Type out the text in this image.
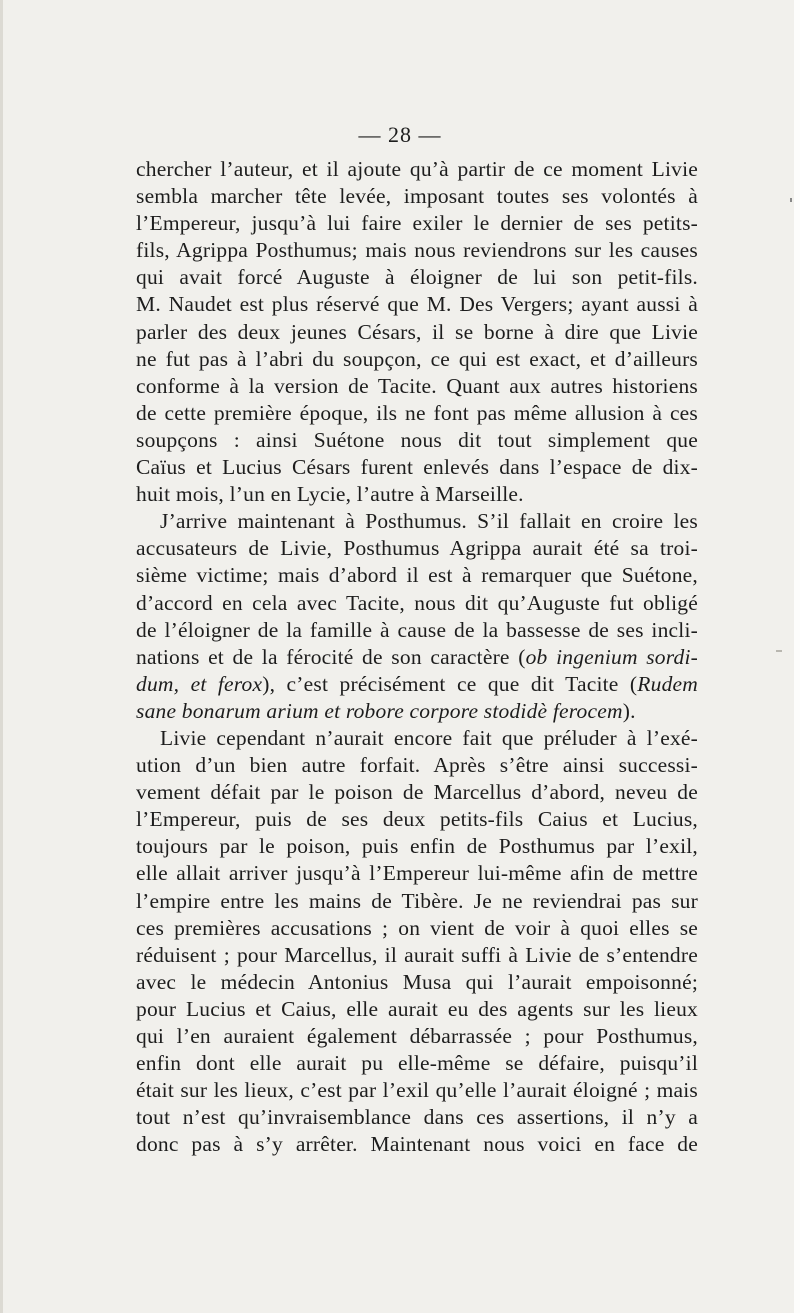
— 28 —
chercher l’auteur, et il ajoute qu’à partir de ce moment Livie
sembla marcher tête levée, imposant toutes ses volontés à
l’Empereur, jusqu’à lui faire exiler le dernier de ses petits-
fils, Agrippa Posthumus; mais nous reviendrons sur les causes
qui avait forcé Auguste à éloigner de lui son petit-fils.
M. Naudet est plus réservé que M. Des Vergers; ayant aussi à
parler des deux jeunes Césars, il se borne à dire que Livie
ne fut pas à l’abri du soupçon, ce qui est exact, et d’ailleurs
conforme à la version de Tacite. Quant aux autres historiens
de cette première époque, ils ne font pas même allusion à ces
soupçons : ainsi Suétone nous dit tout simplement que
Caïus et Lucius Césars furent enlevés dans l’espace de dix-
huit mois, l’un en Lycie, l’autre à Marseille.
J’arrive maintenant à Posthumus. S’il fallait en croire les
accusateurs de Livie, Posthumus Agrippa aurait été sa troi-
sième victime; mais d’abord il est à remarquer que Suétone,
d’accord en cela avec Tacite, nous dit qu’Auguste fut obligé
de l’éloigner de la famille à cause de la bassesse de ses incli-
nations et de la férocité de son caractère (ob ingenium sordi-
dum, et ferox), c’est précisément ce que dit Tacite (Rudem
sane bonarum arium et robore corpore stodidè ferocem).
Livie cependant n’aurait encore fait que préluder à l’exé-
ution d’un bien autre forfait. Après s’être ainsi successi-
vement défait par le poison de Marcellus d’abord, neveu de
l’Empereur, puis de ses deux petits-fils Caius et Lucius,
toujours par le poison, puis enfin de Posthumus par l’exil,
elle allait arriver jusqu’à l’Empereur lui-même afin de mettre
l’empire entre les mains de Tibère. Je ne reviendrai pas sur
ces premières accusations ; on vient de voir à quoi elles se
réduisent ; pour Marcellus, il aurait suffi à Livie de s’entendre
avec le médecin Antonius Musa qui l’aurait empoisonné;
pour Lucius et Caius, elle aurait eu des agents sur les lieux
qui l’en auraient également débarrassée ; pour Posthumus,
enfin dont elle aurait pu elle-même se défaire, puisqu’il
était sur les lieux, c’est par l’exil qu’elle l’aurait éloigné ; mais
tout n’est qu’invraisemblance dans ces assertions, il n’y a
donc pas à s’y arrêter. Maintenant nous voici en face de
